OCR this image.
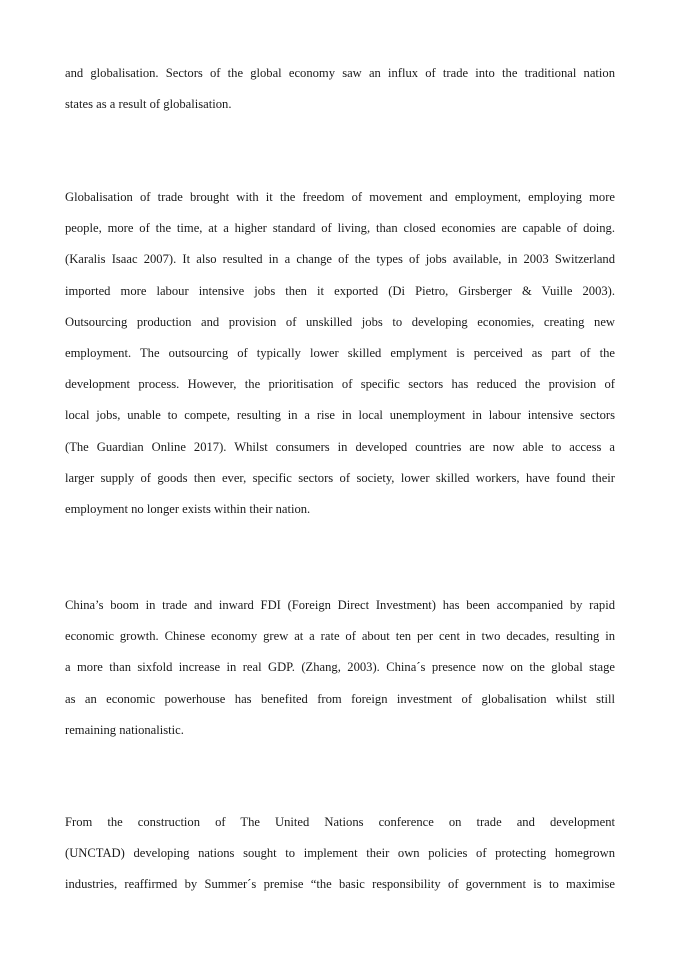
and globalisation. Sectors of the global economy saw an influx of trade into the traditional nation
states as a result of globalisation.

Globalisation of trade brought with it the freedom of movement and employment, employing more
people, more of the time, at a higher standard of living, than closed economies are capable of doing.
(Karalis Isaac 2007). It also resulted in a change of the types of jobs available, in 2003 Switzerland
imported more labour intensive jobs then it exported (Di Pietro, Girsberger & Vuille 2003).
Outsourcing production and provision of unskilled jobs to developing economies, creating new
employment. The outsourcing of typically lower skilled emplyment is perceived as part of the
development process. However, the prioritisation of specific sectors has reduced the provision of
local jobs, unable to compete, resulting in a rise in local unemployment in labour intensive sectors
(The Guardian Online 2017). Whilst consumers in developed countries are now able to access a
larger supply of goods then ever, specific sectors of society, lower skilled workers, have found their
employment no longer exists within their nation.

China’s boom in trade and inward FDI (Foreign Direct Investment) has been accompanied by rapid
economic growth. Chinese economy grew at a rate of about ten per cent in two decades, resulting in
a more than sixfold increase in real GDP. (Zhang, 2003). China´s presence now on the global stage
as an economic powerhouse has benefited from foreign investment of globalisation whilst still
remaining nationalistic.

From the construction of The United Nations conference on trade and development
(UNCTAD) developing nations sought to implement their own policies of protecting homegrown
industries, reaffirmed by Summer´s premise “the basic responsibility of government is to maximise
